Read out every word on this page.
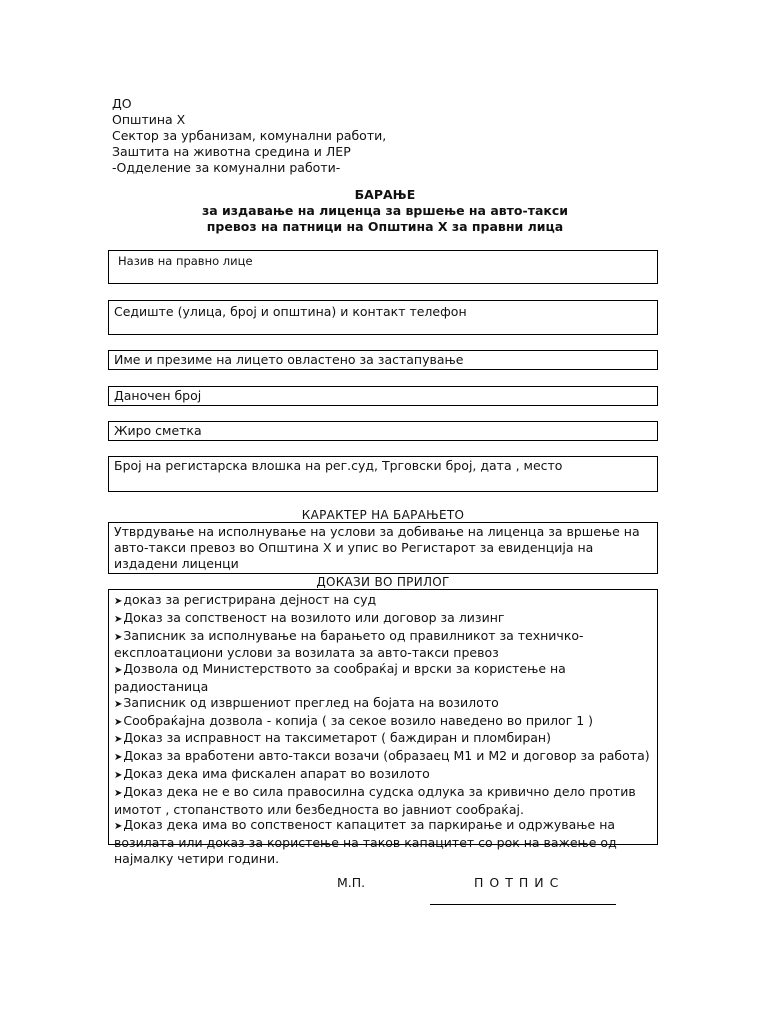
ДО
Општина Х
Сектор за урбанизам, комунални работи,
Заштита на животна средина и ЛЕР
-Одделение за комунални работи-
БАРАЊЕ
за издавање на лиценца за вршење на авто-такси
превоз на патници на Општина Х за правни лица
Назив на правно лице
Седиште (улица, број и општина) и контакт телефон
Име и презиме на лицето овластено за застапување
Даночен број
Жиро сметка
Број на регистарска влошка на рег.суд, Трговски број, дата , место
КАРАКТЕР НА БАРАЊЕТО
Утврдување на исполнување на услови за добивање на лиценца за вршење на авто-такси превоз во Општина Х и упис во Регистарот за евиденција на издадени лиценци
ДОКАЗИ ВО ПРИЛОГ
➤доказ за регистрирана дејност на суд
➤Доказ за сопственост на возилото или договор за лизинг
➤Записник за исполнување на барањето од правилникот за техничко-експлоатациони услови за возилата за авто-такси превоз
➤Дозвола од Министерството за сообраќај и врски за користење на радиостаница
➤Записник од извршениот преглед на бојата на возилото
➤Сообраќајна дозвола - копија ( за секое возило наведено во прилог 1 )
➤Доказ за исправност на таксиметарот ( баждиран и пломбиран)
➤Доказ за вработени авто-такси возачи (образаец М1 и М2 и договор за работа)
➤Доказ дека има фискален апарат во возилото
➤Доказ дека не е во сила правосилна судска одлука за кривично дело против имотот , стопанството или безбедноста во јавниот сообраќај.
➤Доказ дека има во сопственост капацитет за паркирање и одржување на возилата или доказ за користење на таков капацитет со рок на важење од најмалку четири години.
М.П.	ПОТПИС
